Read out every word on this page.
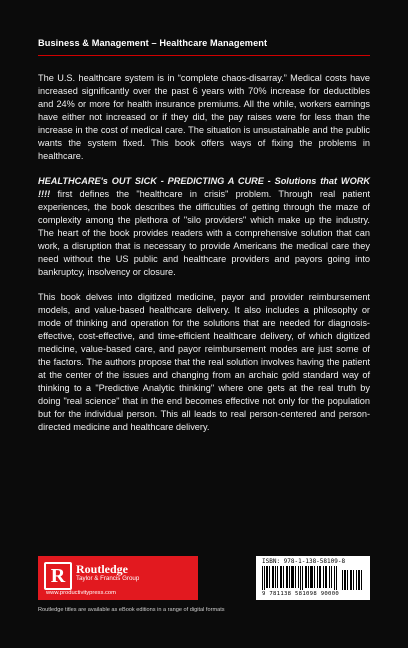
Business & Management – Healthcare Management

The U.S. healthcare system is in “complete chaos-disarray.” Medical costs have increased significantly over the past 6 years with 70% increase for deductibles and 24% or more for health insurance premiums. All the while, workers earnings have either not increased or if they did, the pay raises were for less than the increase in the cost of medical care. The situation is unsustainable and the public wants the system fixed. This book offers ways of fixing the problems in healthcare.

HEALTHCARE's OUT SICK - PREDICTING A CURE - Solutions that WORK !!!! first defines the "healthcare in crisis" problem. Through real patient experiences, the book describes the difficulties of getting through the maze of complexity among the plethora of "silo providers" which make up the industry. The heart of the book provides readers with a comprehensive solution that can work, a disruption that is necessary to provide Americans the medical care they need without the US public and healthcare providers and payors going into bankruptcy, insolvency or closure.

This book delves into digitized medicine, payor and provider reimbursement models, and value-based healthcare delivery. It also includes a philosophy or mode of thinking and operation for the solutions that are needed for diagnosis-effective, cost-effective, and time-efficient healthcare delivery, of which digitized medicine, value-based care, and payor reimbursement modes are just some of the factors. The authors propose that the real solution involves having the patient at the center of the issues and changing from an archaic gold standard way of thinking to a "Predictive Analytic thinking" where one gets at the real truth by doing "real science" that in the end becomes effective not only for the population but for the individual person. This all leads to real person-centered and person-directed medicine and healthcare delivery.

R Routledge
Taylor & Francis Group
www.productivitypress.com
ISBN: 978-1-138-58109-8
9 781138 581098 90000
Routledge titles are available as eBook editions in a range of digital formats
